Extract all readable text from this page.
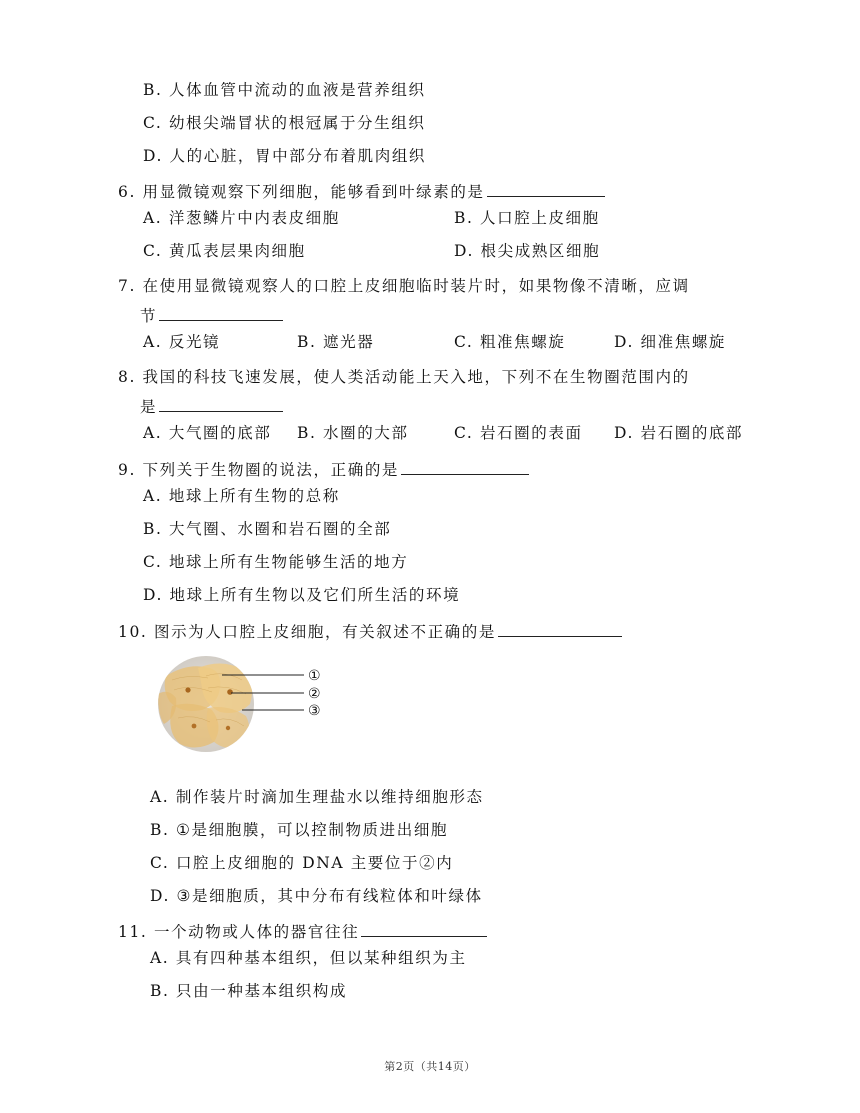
B. 人体血管中流动的血液是营养组织
C. 幼根尖端冒状的根冠属于分生组织
D. 人的心脏，胃中部分布着肌肉组织
6. 用显微镜观察下列细胞，能够看到叶绿素的是
A. 洋葱鳞片中内表皮细胞	B. 人口腔上皮细胞
C. 黄瓜表层果肉细胞	D. 根尖成熟区细胞
7. 在使用显微镜观察人的口腔上皮细胞临时装片时，如果物像不清晰，应调
节
A. 反光镜	B. 遮光器	C. 粗准焦螺旋	D. 细准焦螺旋
8. 我国的科技飞速发展，使人类活动能上天入地，下列不在生物圈范围内的
是
A. 大气圈的底部 B. 水圈的大部	C. 岩石圈的表面 D. 岩石圈的底部
9. 下列关于生物圈的说法，正确的是
A. 地球上所有生物的总称
B. 大气圈、水圈和岩石圈的全部
C. 地球上所有生物能够生活的地方
D. 地球上所有生物以及它们所生活的环境
10. 图示为人口腔上皮细胞，有关叙述不正确的是
①
②
③
A. 制作装片时滴加生理盐水以维持细胞形态
B. ①是细胞膜，可以控制物质进出细胞
C. 口腔上皮细胞的 DNA 主要位于②内
D. ③是细胞质，其中分布有线粒体和叶绿体
11. 一个动物或人体的器官往往
A. 具有四种基本组织，但以某种组织为主
B. 只由一种基本组织构成
第2页（共14页）
